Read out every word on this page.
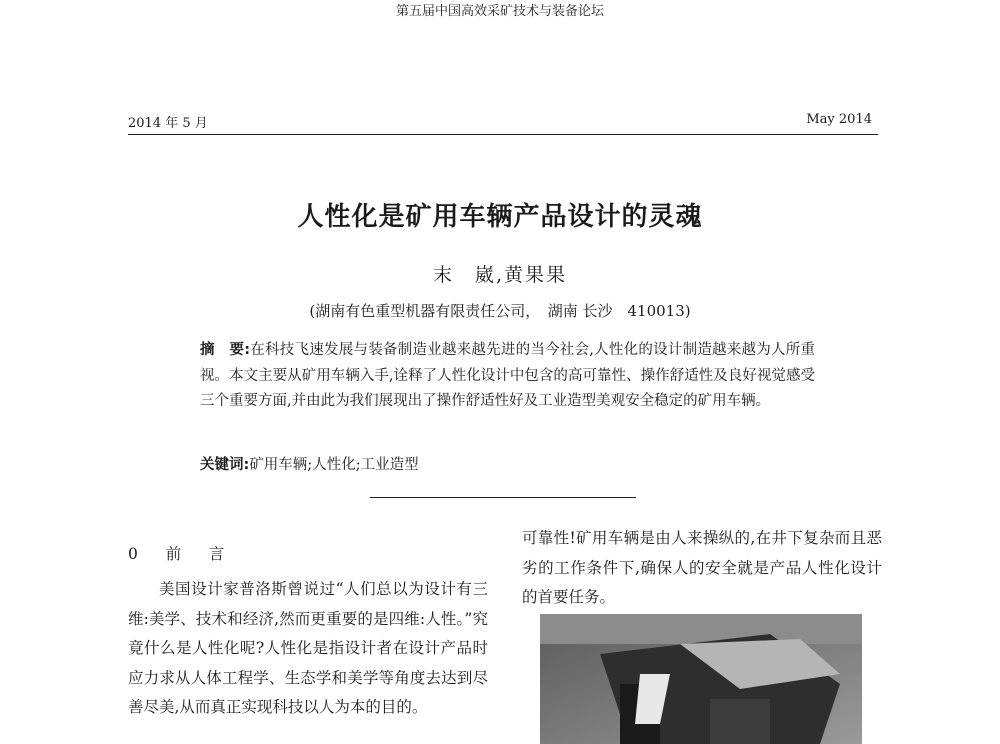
2014 年 5 月
第五届中国高效采矿技术与装备论坛
May 2014
人性化是矿用车辆产品设计的灵魂
末　崴,黄果果
(湖南有色重型机器有限责任公司，　湖南 长沙　410013)
摘　要:在科技飞速发展与装备制造业越来越先进的当今社会,人性化的设计制造越来越为人所重视。本文主要从矿用车辆入手,诠释了人性化设计中包含的高可靠性、操作舒适性及良好视觉感受三个重要方面,并由此为我们展现出了操作舒适性好及工业造型美观安全稳定的矿用车辆。
关键词:矿用车辆;人性化;工业造型
0 前　言
美国设计家普洛斯曾说过“人们总以为设计有三维:美学、技术和经济,然而更重要的是四维:人性。”究竟什么是人性化呢?人性化是指设计者在设计产品时应力求从人体工程学、生态学和美学等角度去达到尽善尽美,从而真正实现科技以人为本的目的。
可靠性!矿用车辆是由人来操纵的,在井下复杂而且恶劣的工作条件下,确保人的安全就是产品人性化设计的首要任务。
